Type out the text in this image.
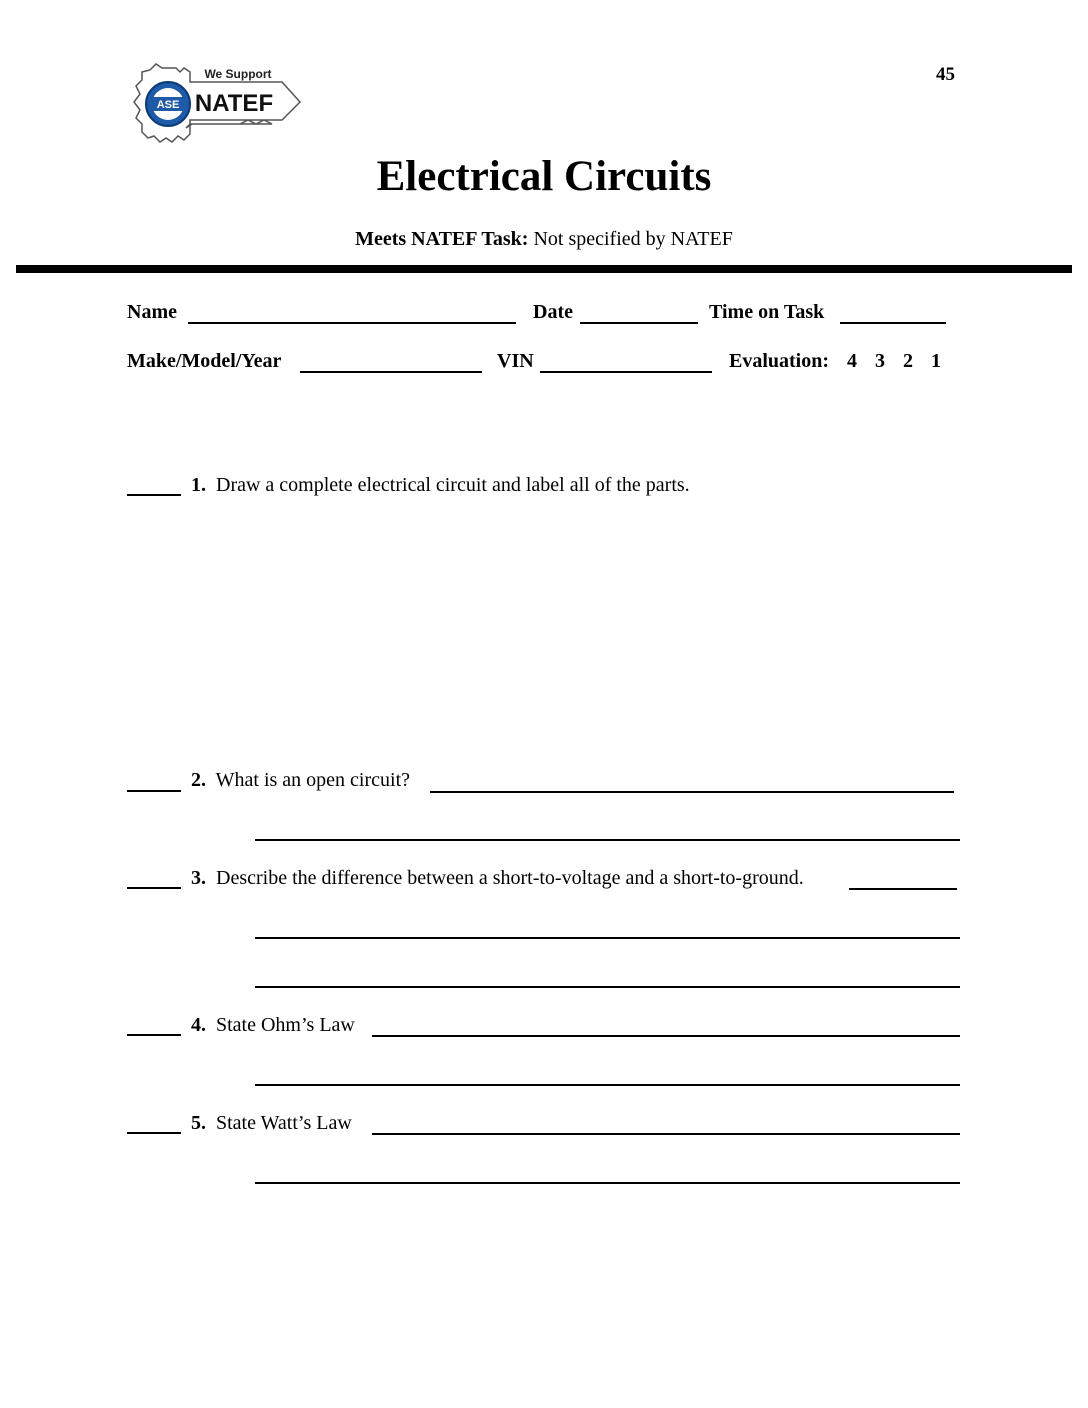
45
ASE
We Support
NATEF
Electrical Circuits
Meets NATEF Task: Not specified by NATEF
Name	Date	Time on Task
Make/Model/Year	VIN	Evaluation: 4 3 2 1
1. Draw a complete electrical circuit and label all of the parts.
2. What is an open circuit?
3. Describe the difference between a short-to-voltage and a short-to-ground.
4. State Ohm’s Law
5. State Watt’s Law
